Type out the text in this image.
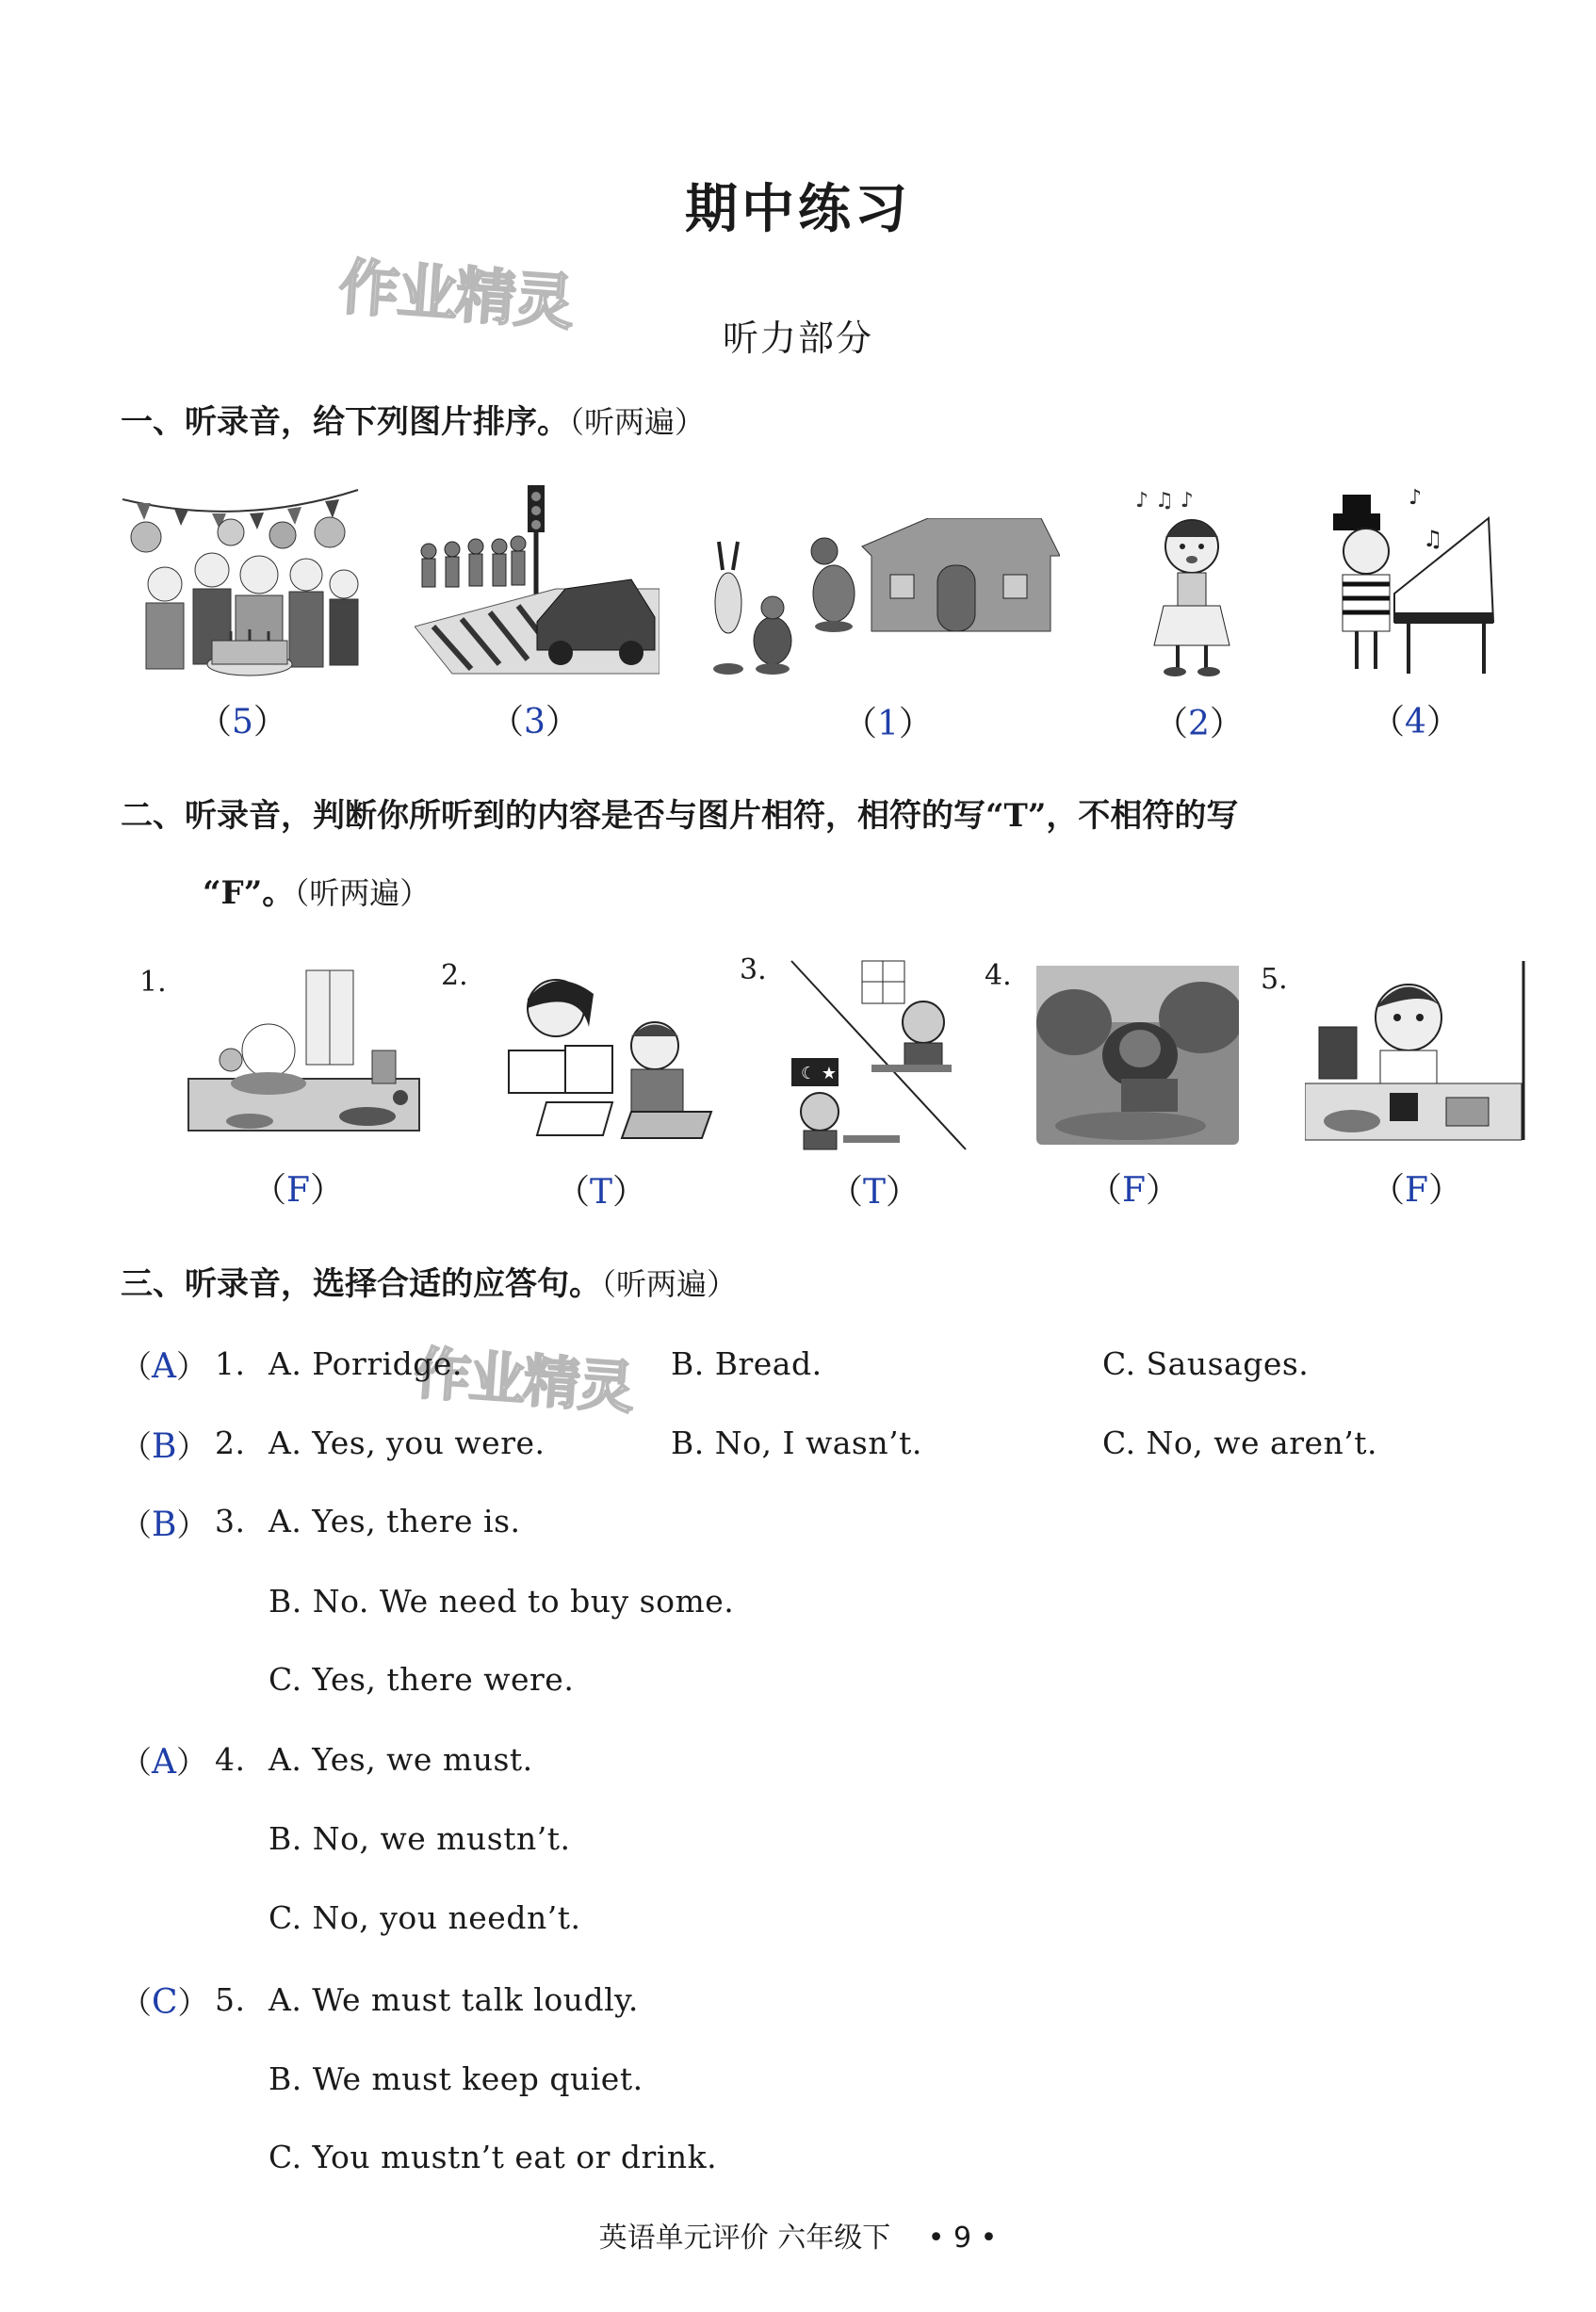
期中练习
作业精灵	听力部分
一、听录音，给下列图片排序。（听两遍）
♪ ♫ ♪	♪
♫
（5）	（3）	（1）	（2）	（4）
二、听录音，判断你所听到的内容是否与图片相符，相符的写“T”，不相符的写
“F”。（听两遍）
1.	2.	3.	4.	5.
☾ ★
（F）	（T）	（T）	（F）	（F）
三、听录音，选择合适的应答句。（听两遍）
作业精灵
（A） 1. A. Porridge.	B. Bread.	C. Sausages.
（B） 2. A. Yes, you were.	B. No, I wasn’t.	C. No, we aren’t.
（B） 3. A. Yes, there is.
B. No. We need to buy some.
C. Yes, there were.
（A） 4. A. Yes, we must.
B. No, we mustn’t.
C. No, you needn’t.
（C） 5. A. We must talk loudly.
B. We must keep quiet.
C. You mustn’t eat or drink.
英语单元评价 六年级下 • 9 •
